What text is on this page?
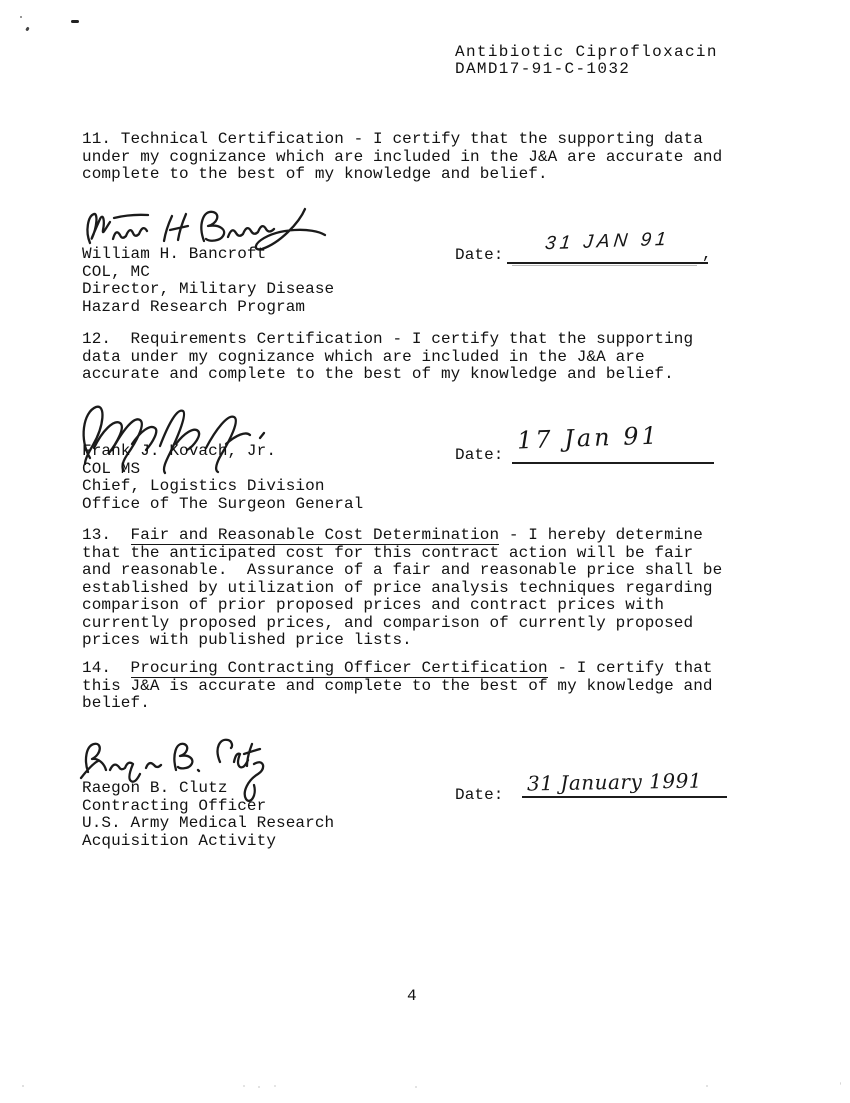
Antibiotic Ciprofloxacin
DAMD17-91-C-1032
11. Technical Certification - I certify that the supporting data
under my cognizance which are included in the J&A are accurate and
complete to the best of my knowledge and belief.
William H. Bancroft
COL, MC
Director, Military Disease
Hazard Research Program
Date:
31 JAN 91 ,
12.  Requirements Certification - I certify that the supporting
data under my cognizance which are included in the J&A are
accurate and complete to the best of my knowledge and belief.
Frank J. Kovach, Jr.
COL MS
Chief, Logistics Division
Office of The Surgeon General
Date:
17 Jan 91
13.  Fair and Reasonable Cost Determination - I hereby determine
that the anticipated cost for this contract action will be fair
and reasonable.  Assurance of a fair and reasonable price shall be
established by utilization of price analysis techniques regarding
comparison of prior proposed prices and contract prices with
currently proposed prices, and comparison of currently proposed
prices with published price lists.
14.  Procuring Contracting Officer Certification - I certify that
this J&A is accurate and complete to the best of my knowledge and
belief.
Raegon B. Clutz
Contracting Officer
U.S. Army Medical Research
Acquisition Activity
Date: 31 January 1991
4
